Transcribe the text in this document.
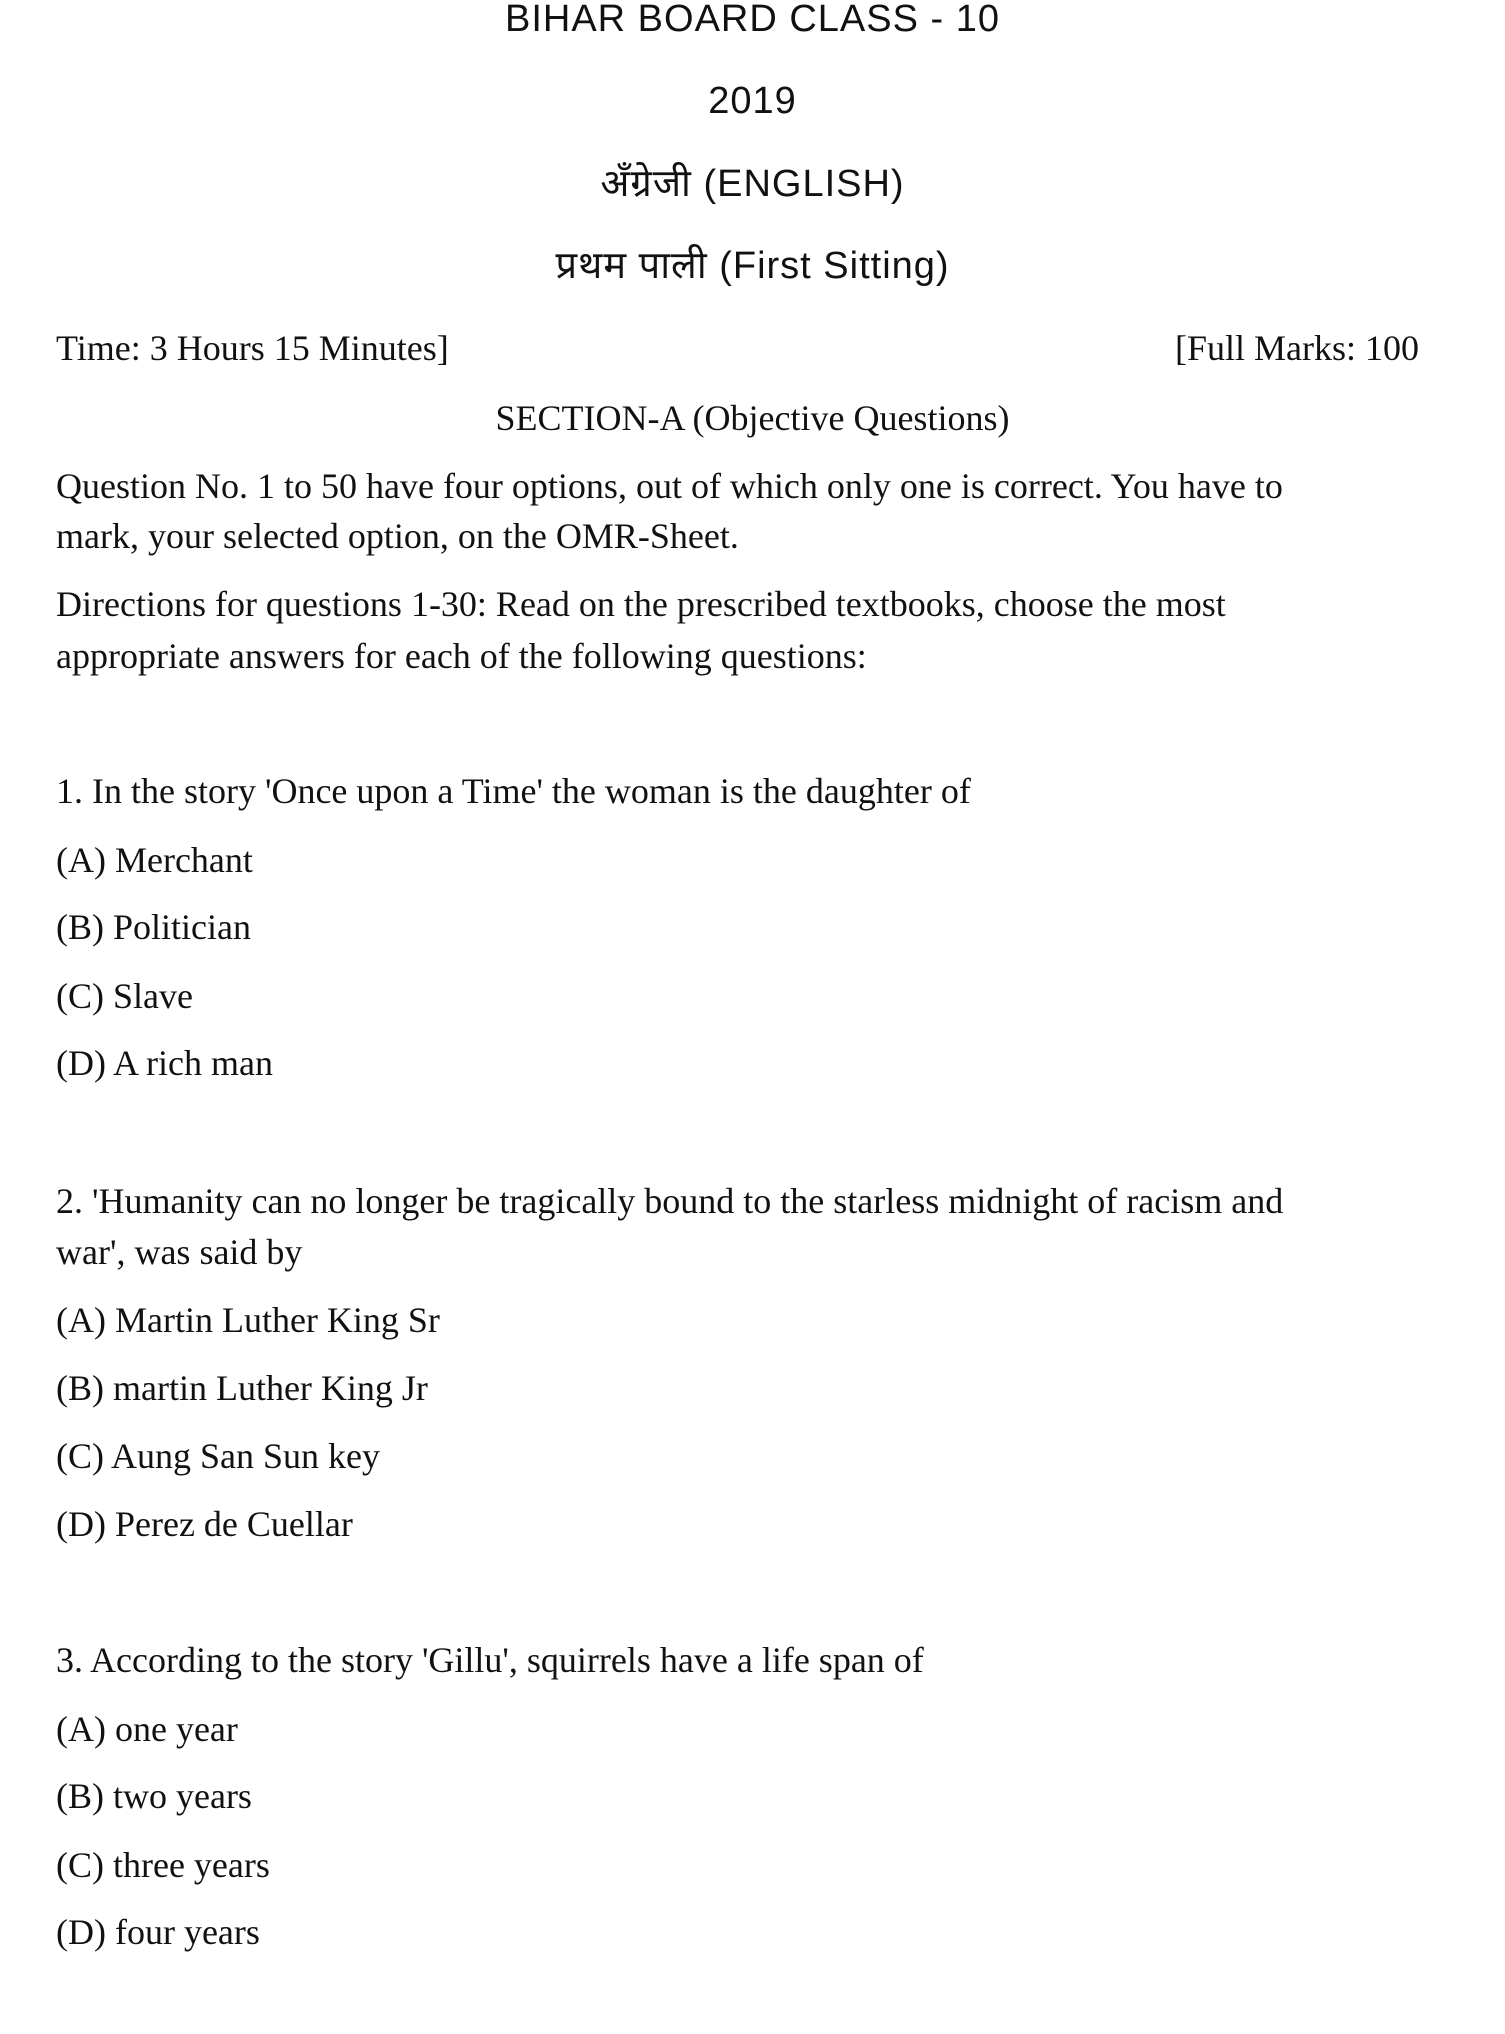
BIHAR BOARD CLASS - 10
2019
अँग्रेजी (ENGLISH)
प्रथम पाली (First Sitting)
Time: 3 Hours 15 Minutes]	[Full Marks: 100
SECTION-A (Objective Questions)
Question No. 1 to 50 have four options, out of which only one is correct. You have to
mark, your selected option, on the OMR-Sheet.
Directions for questions 1-30: Read on the prescribed textbooks, choose the most
appropriate answers for each of the following questions:
1. In the story 'Once upon a Time' the woman is the daughter of
(A) Merchant
(B) Politician
(C) Slave
(D) A rich man
2. 'Humanity can no longer be tragically bound to the starless midnight of racism and
war', was said by
(A) Martin Luther King Sr
(B) martin Luther King Jr
(C) Aung San Sun key
(D) Perez de Cuellar
3. According to the story 'Gillu', squirrels have a life span of
(A) one year
(B) two years
(C) three years
(D) four years
